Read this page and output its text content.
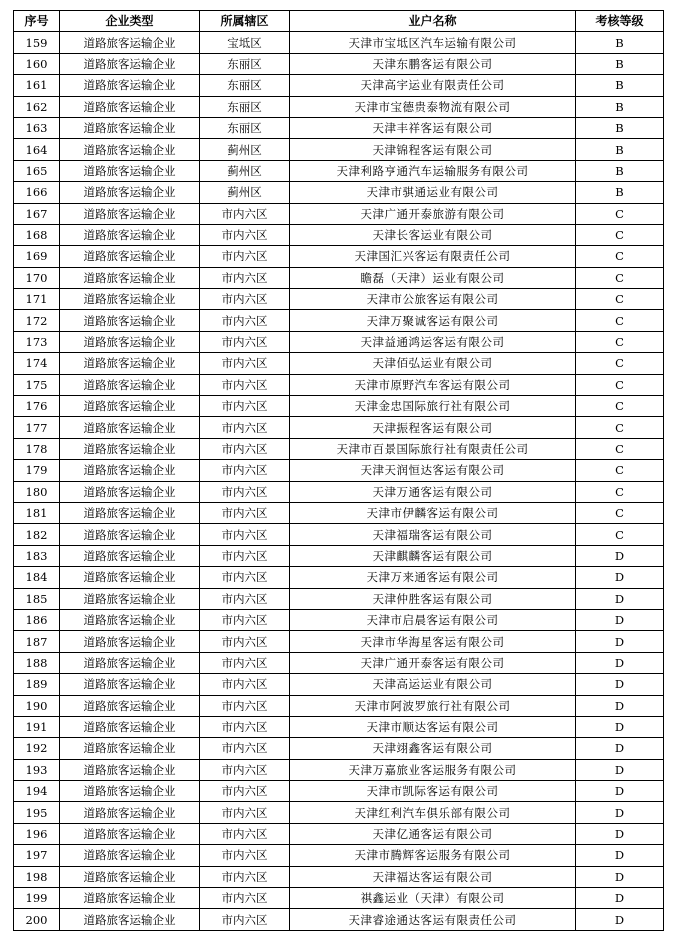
序号	企业类型	所属辖区	业户名称	考核等级
159	道路旅客运输企业	宝坻区	天津市宝坻区汽车运输有限公司	B
160	道路旅客运输企业	东丽区	天津东鹏客运有限公司	B
161	道路旅客运输企业	东丽区	天津高宇运业有限责任公司	B
162	道路旅客运输企业	东丽区	天津市宝德贵泰物流有限公司	B
163	道路旅客运输企业	东丽区	天津丰祥客运有限公司	B
164	道路旅客运输企业	蓟州区	天津锦程客运有限公司	B
165	道路旅客运输企业	蓟州区	天津利路亨通汽车运输服务有限公司	B
166	道路旅客运输企业	蓟州区	天津市骐通运业有限公司	B
167	道路旅客运输企业	市内六区	天津广通开泰旅游有限公司	C
168	道路旅客运输企业	市内六区	天津长客运业有限公司	C
169	道路旅客运输企业	市内六区	天津国汇兴客运有限责任公司	C
170	道路旅客运输企业	市内六区	瞻磊（天津）运业有限公司	C
171	道路旅客运输企业	市内六区	天津市公旅客运有限公司	C
172	道路旅客运输企业	市内六区	天津万聚诚客运有限公司	C
173	道路旅客运输企业	市内六区	天津益通鸿运客运有限公司	C
174	道路旅客运输企业	市内六区	天津佰弘运业有限公司	C
175	道路旅客运输企业	市内六区	天津市原野汽车客运有限公司	C
176	道路旅客运输企业	市内六区	天津金忠国际旅行社有限公司	C
177	道路旅客运输企业	市内六区	天津振程客运有限公司	C
178	道路旅客运输企业	市内六区	天津市百景国际旅行社有限责任公司	C
179	道路旅客运输企业	市内六区	天津天润恒达客运有限公司	C
180	道路旅客运输企业	市内六区	天津万通客运有限公司	C
181	道路旅客运输企业	市内六区	天津市伊麟客运有限公司	C
182	道路旅客运输企业	市内六区	天津福瑞客运有限公司	C
183	道路旅客运输企业	市内六区	天津麒麟客运有限公司	D
184	道路旅客运输企业	市内六区	天津万来通客运有限公司	D
185	道路旅客运输企业	市内六区	天津仲胜客运有限公司	D
186	道路旅客运输企业	市内六区	天津市启晨客运有限公司	D
187	道路旅客运输企业	市内六区	天津市华海星客运有限公司	D
188	道路旅客运输企业	市内六区	天津广通开泰客运有限公司	D
189	道路旅客运输企业	市内六区	天津高运运业有限公司	D
190	道路旅客运输企业	市内六区	天津市阿波罗旅行社有限公司	D
191	道路旅客运输企业	市内六区	天津市顺达客运有限公司	D
192	道路旅客运输企业	市内六区	天津翊鑫客运有限公司	D
193	道路旅客运输企业	市内六区	天津万嘉旅业客运服务有限公司	D
194	道路旅客运输企业	市内六区	天津市凯际客运有限公司	D
195	道路旅客运输企业	市内六区	天津红利汽车俱乐部有限公司	D
196	道路旅客运输企业	市内六区	天津亿通客运有限公司	D
197	道路旅客运输企业	市内六区	天津市腾辉客运服务有限公司	D
198	道路旅客运输企业	市内六区	天津福达客运有限公司	D
199	道路旅客运输企业	市内六区	祺鑫运业（天津）有限公司	D
200	道路旅客运输企业	市内六区	天津睿途通达客运有限责任公司	D
